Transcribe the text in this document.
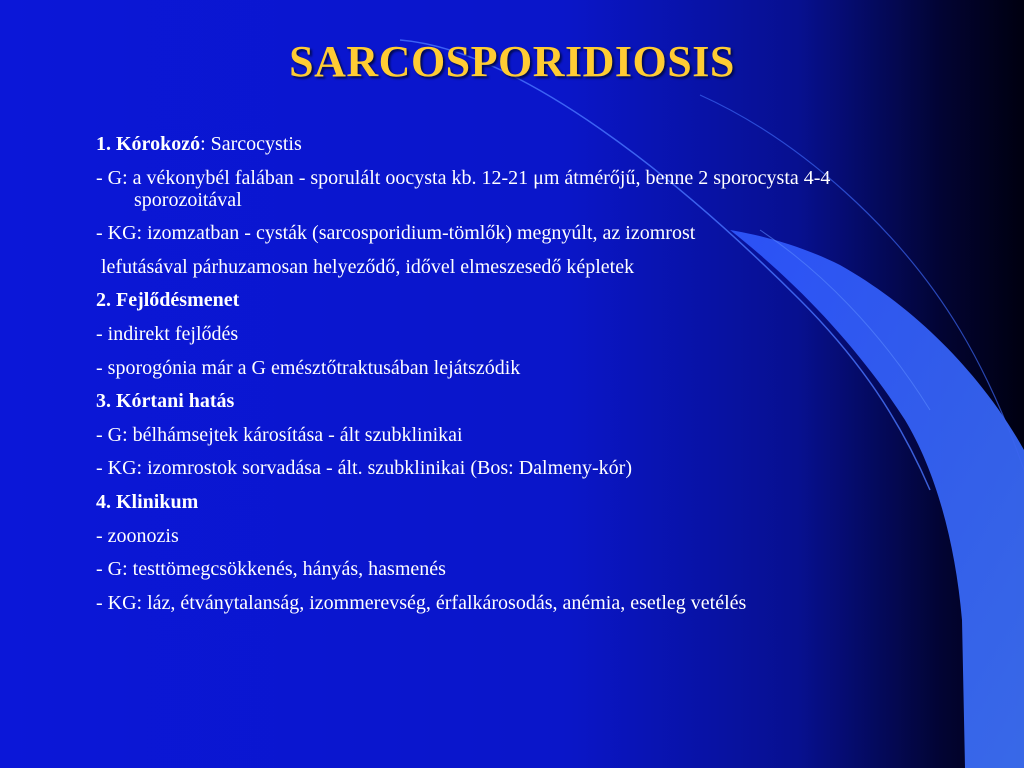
SARCOSPORIDIOSIS
1. Kórokozó: Sarcocystis
- G: a vékonybél falában - sporulált oocysta kb. 12-21 μm átmérőjű, benne 2 sporocysta 4-4 sporozoitával
- KG: izomzatban - cysták (sarcosporidium-tömlők) megnyúlt, az izomrost
lefutásával párhuzamosan helyeződő, idővel elmeszesedő képletek
2. Fejlődésmenet
- indirekt fejlődés
- sporogónia már a G emésztőtraktusában lejátszódik
3. Kórtani hatás
- G: bélhámsejtek károsítása - ált szubklinikai
- KG: izomrostok sorvadása - ált. szubklinikai (Bos: Dalmeny-kór)
4. Klinikum
- zoonozis
- G: testtömegcsökkenés, hányás, hasmenés
- KG: láz, étványtalanság, izommerevség, érfalkárosodás, anémia, esetleg vetélés
